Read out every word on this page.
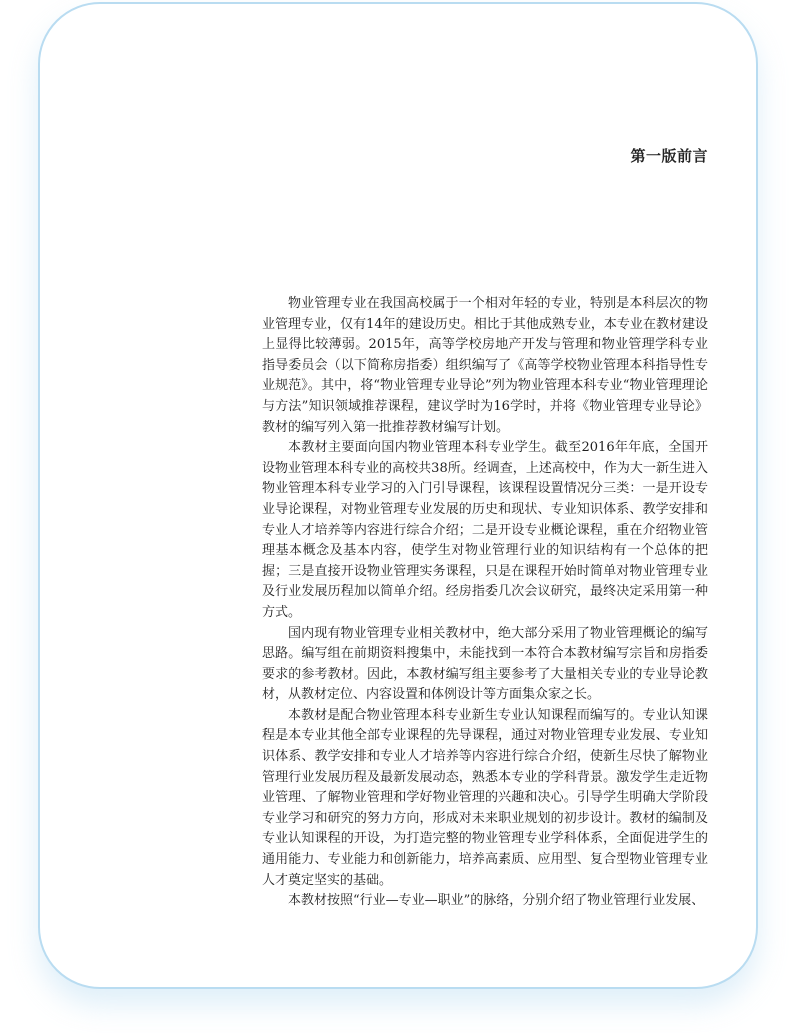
第一版前言

物业管理专业在我国高校属于一个相对年轻的专业，特别是本科层次的物业管理专业，仅有14年的建设历史。相比于其他成熟专业，本专业在教材建设上显得比较薄弱。2015年，高等学校房地产开发与管理和物业管理学科专业指导委员会（以下简称房指委）组织编写了《高等学校物业管理本科指导性专业规范》。其中，将“物业管理专业导论”列为物业管理本科专业“物业管理理论与方法”知识领域推荐课程，建议学时为16学时，并将《物业管理专业导论》教材的编写列入第一批推荐教材编写计划。

本教材主要面向国内物业管理本科专业学生。截至2016年年底，全国开设物业管理本科专业的高校共38所。经调查，上述高校中，作为大一新生进入物业管理本科专业学习的入门引导课程，该课程设置情况分三类：一是开设专业导论课程，对物业管理专业发展的历史和现状、专业知识体系、教学安排和专业人才培养等内容进行综合介绍；二是开设专业概论课程，重在介绍物业管理基本概念及基本内容，使学生对物业管理行业的知识结构有一个总体的把握；三是直接开设物业管理实务课程，只是在课程开始时简单对物业管理专业及行业发展历程加以简单介绍。经房指委几次会议研究，最终决定采用第一种方式。

国内现有物业管理专业相关教材中，绝大部分采用了物业管理概论的编写思路。编写组在前期资料搜集中，未能找到一本符合本教材编写宗旨和房指委要求的参考教材。因此，本教材编写组主要参考了大量相关专业的专业导论教材，从教材定位、内容设置和体例设计等方面集众家之长。

本教材是配合物业管理本科专业新生专业认知课程而编写的。专业认知课程是本专业其他全部专业课程的先导课程，通过对物业管理专业发展、专业知识体系、教学安排和专业人才培养等内容进行综合介绍，使新生尽快了解物业管理行业发展历程及最新发展动态，熟悉本专业的学科背景。激发学生走近物业管理、了解物业管理和学好物业管理的兴趣和决心。引导学生明确大学阶段专业学习和研究的努力方向，形成对未来职业规划的初步设计。教材的编制及专业认知课程的开设，为打造完整的物业管理专业学科体系，全面促进学生的通用能力、专业能力和创新能力，培养高素质、应用型、复合型物业管理专业人才奠定坚实的基础。

本教材按照“行业—专业—职业”的脉络，分别介绍了物业管理行业发展、
